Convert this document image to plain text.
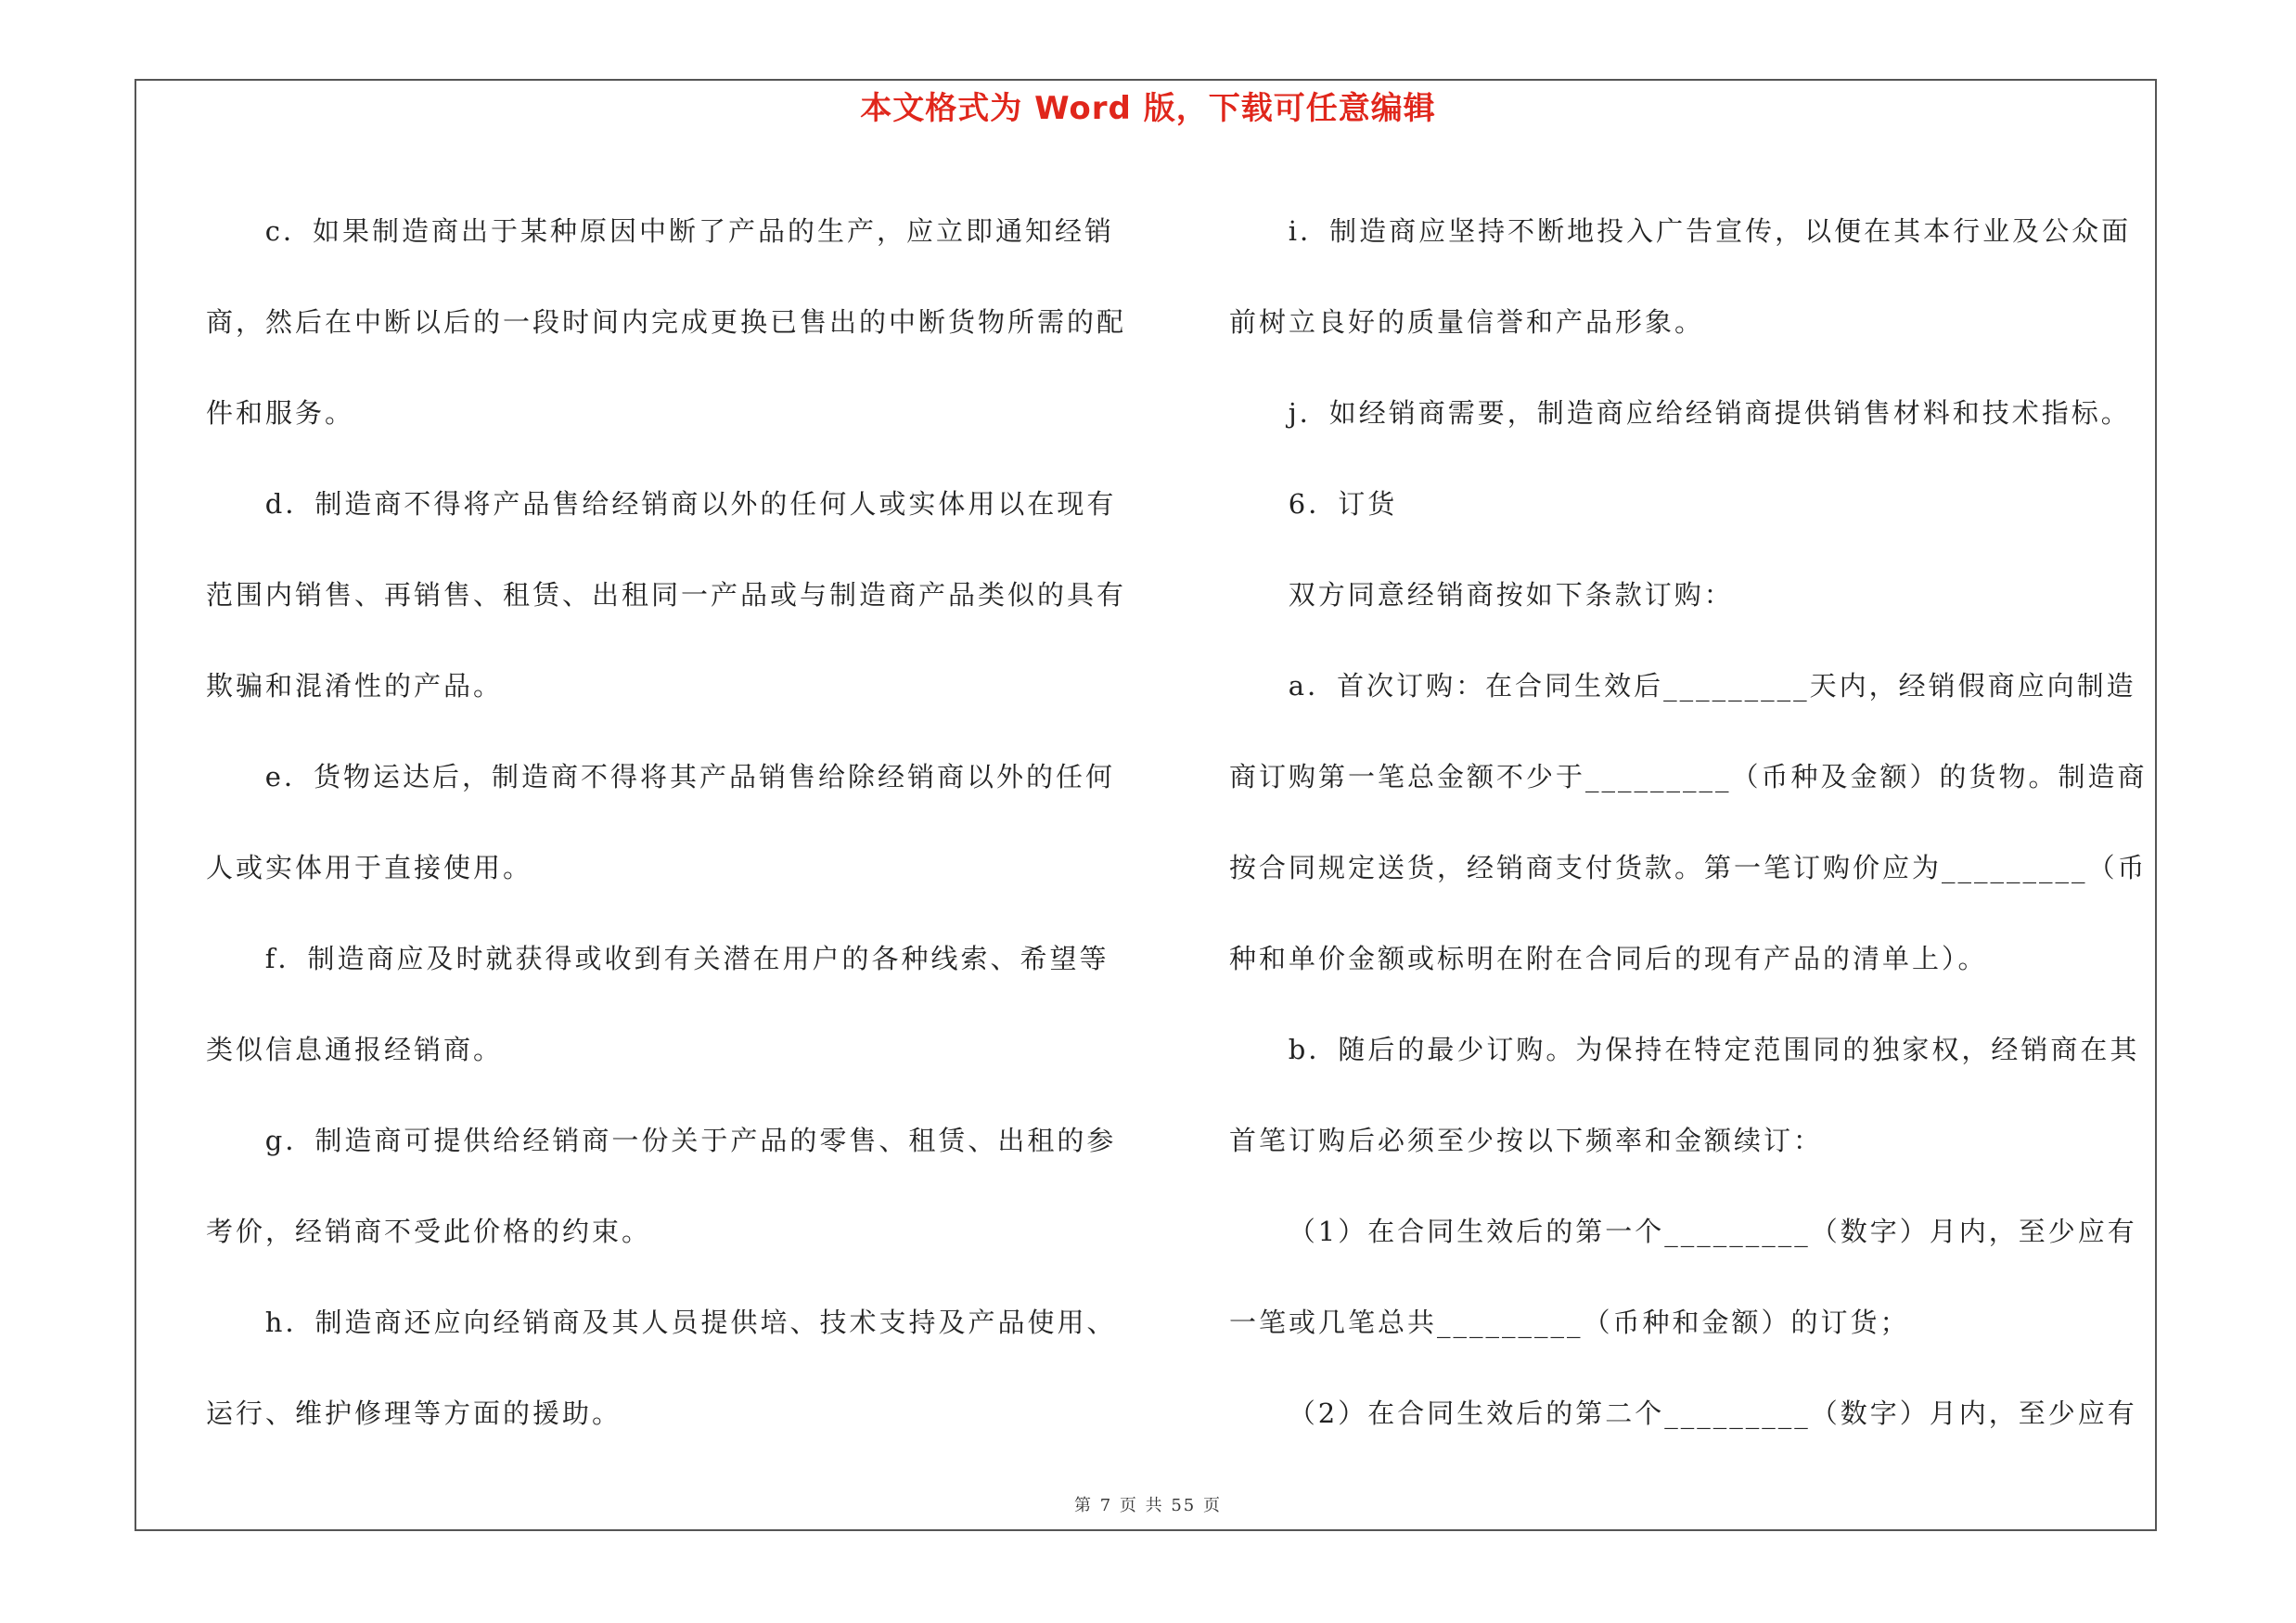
本文格式为 Word 版，下载可任意编辑

c．如果制造商出于某种原因中断了产品的生产，应立即通知经销商，然后在中断以后的一段时间内完成更换已售出的中断货物所需的配件和服务。

d．制造商不得将产品售给经销商以外的任何人或实体用以在现有范围内销售、再销售、租赁、出租同一产品或与制造商产品类似的具有欺骗和混淆性的产品。

e．货物运达后，制造商不得将其产品销售给除经销商以外的任何人或实体用于直接使用。

f．制造商应及时就获得或收到有关潜在用户的各种线索、希望等类似信息通报经销商。

g．制造商可提供给经销商一份关于产品的零售、租赁、出租的参考价，经销商不受此价格的约束。

h．制造商还应向经销商及其人员提供培、技术支持及产品使用、运行、维护修理等方面的援助。

i．制造商应坚持不断地投入广告宣传，以便在其本行业及公众面前树立良好的质量信誉和产品形象。

j．如经销商需要，制造商应给经销商提供销售材料和技术指标。

6．订货

双方同意经销商按如下条款订购：

a．首次订购：在合同生效后_________天内，经销假商应向制造商订购第一笔总金额不少于_________（币种及金额）的货物。制造商按合同规定送货，经销商支付货款。第一笔订购价应为_________（币种和单价金额或标明在附在合同后的现有产品的清单上）。

b．随后的最少订购。为保持在特定范围同的独家权，经销商在其首笔订购后必须至少按以下频率和金额续订：

（1）在合同生效后的第一个_________（数字）月内，至少应有一笔或几笔总共_________（币种和金额）的订货；

（2）在合同生效后的第二个_________（数字）月内，至少应有

第 7 页 共 55 页
